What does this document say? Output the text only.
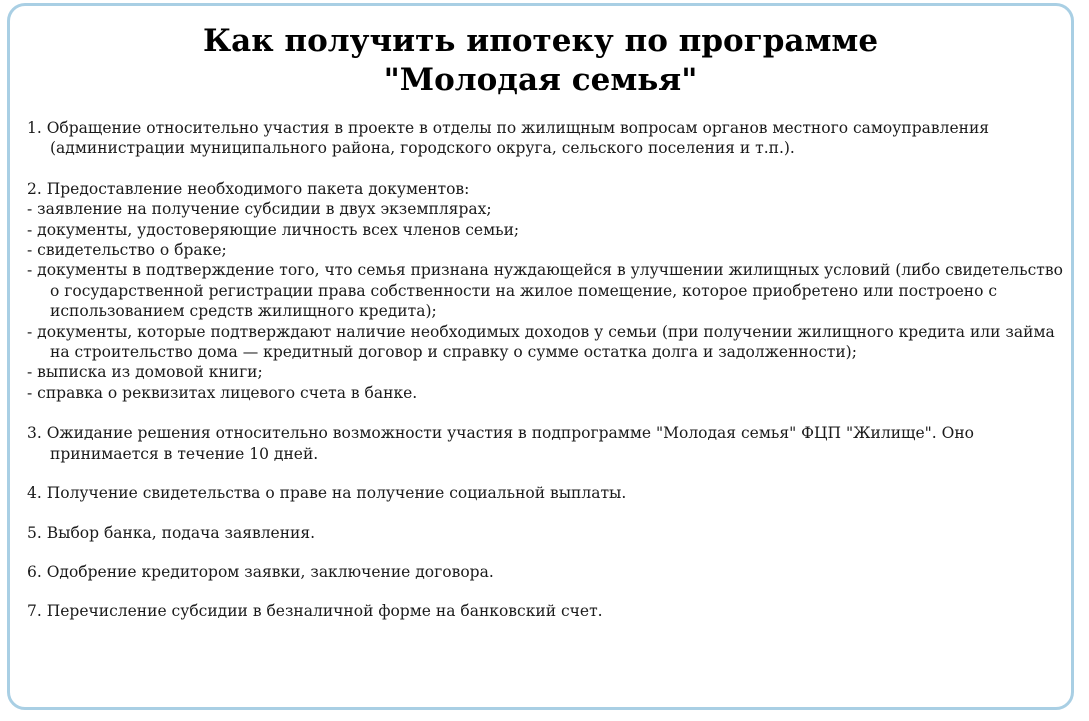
Как получить ипотеку по программе
"Молодая семья"
1. Обращение относительно участия в проекте в отделы по жилищным вопросам органов местного самоуправления (администрации муниципального района, городского округа, сельского поселения и т.п.).
2. Предоставление необходимого пакета документов:
- заявление на получение субсидии в двух экземплярах;
- документы, удостоверяющие личность всех членов семьи;
- свидетельство о браке;
- документы в подтверждение того, что семья признана нуждающейся в улучшении жилищных условий (либо свидетельство о государственной регистрации права собственности на жилое помещение, которое приобретено или построено с использованием средств жилищного кредита);
- документы, которые подтверждают наличие необходимых доходов у семьи (при получении жилищного кредита или займа на строительство дома — кредитный договор и справку о сумме остатка долга и задолженности);
- выписка из домовой книги;
- справка о реквизитах лицевого счета в банке.
3. Ожидание решения относительно возможности участия в подпрограмме "Молодая семья" ФЦП "Жилище". Оно принимается в течение 10 дней.
4. Получение свидетельства о праве на получение социальной выплаты.
5. Выбор банка, подача заявления.
6. Одобрение кредитором заявки, заключение договора.
7. Перечисление субсидии в безналичной форме на банковский счет.
